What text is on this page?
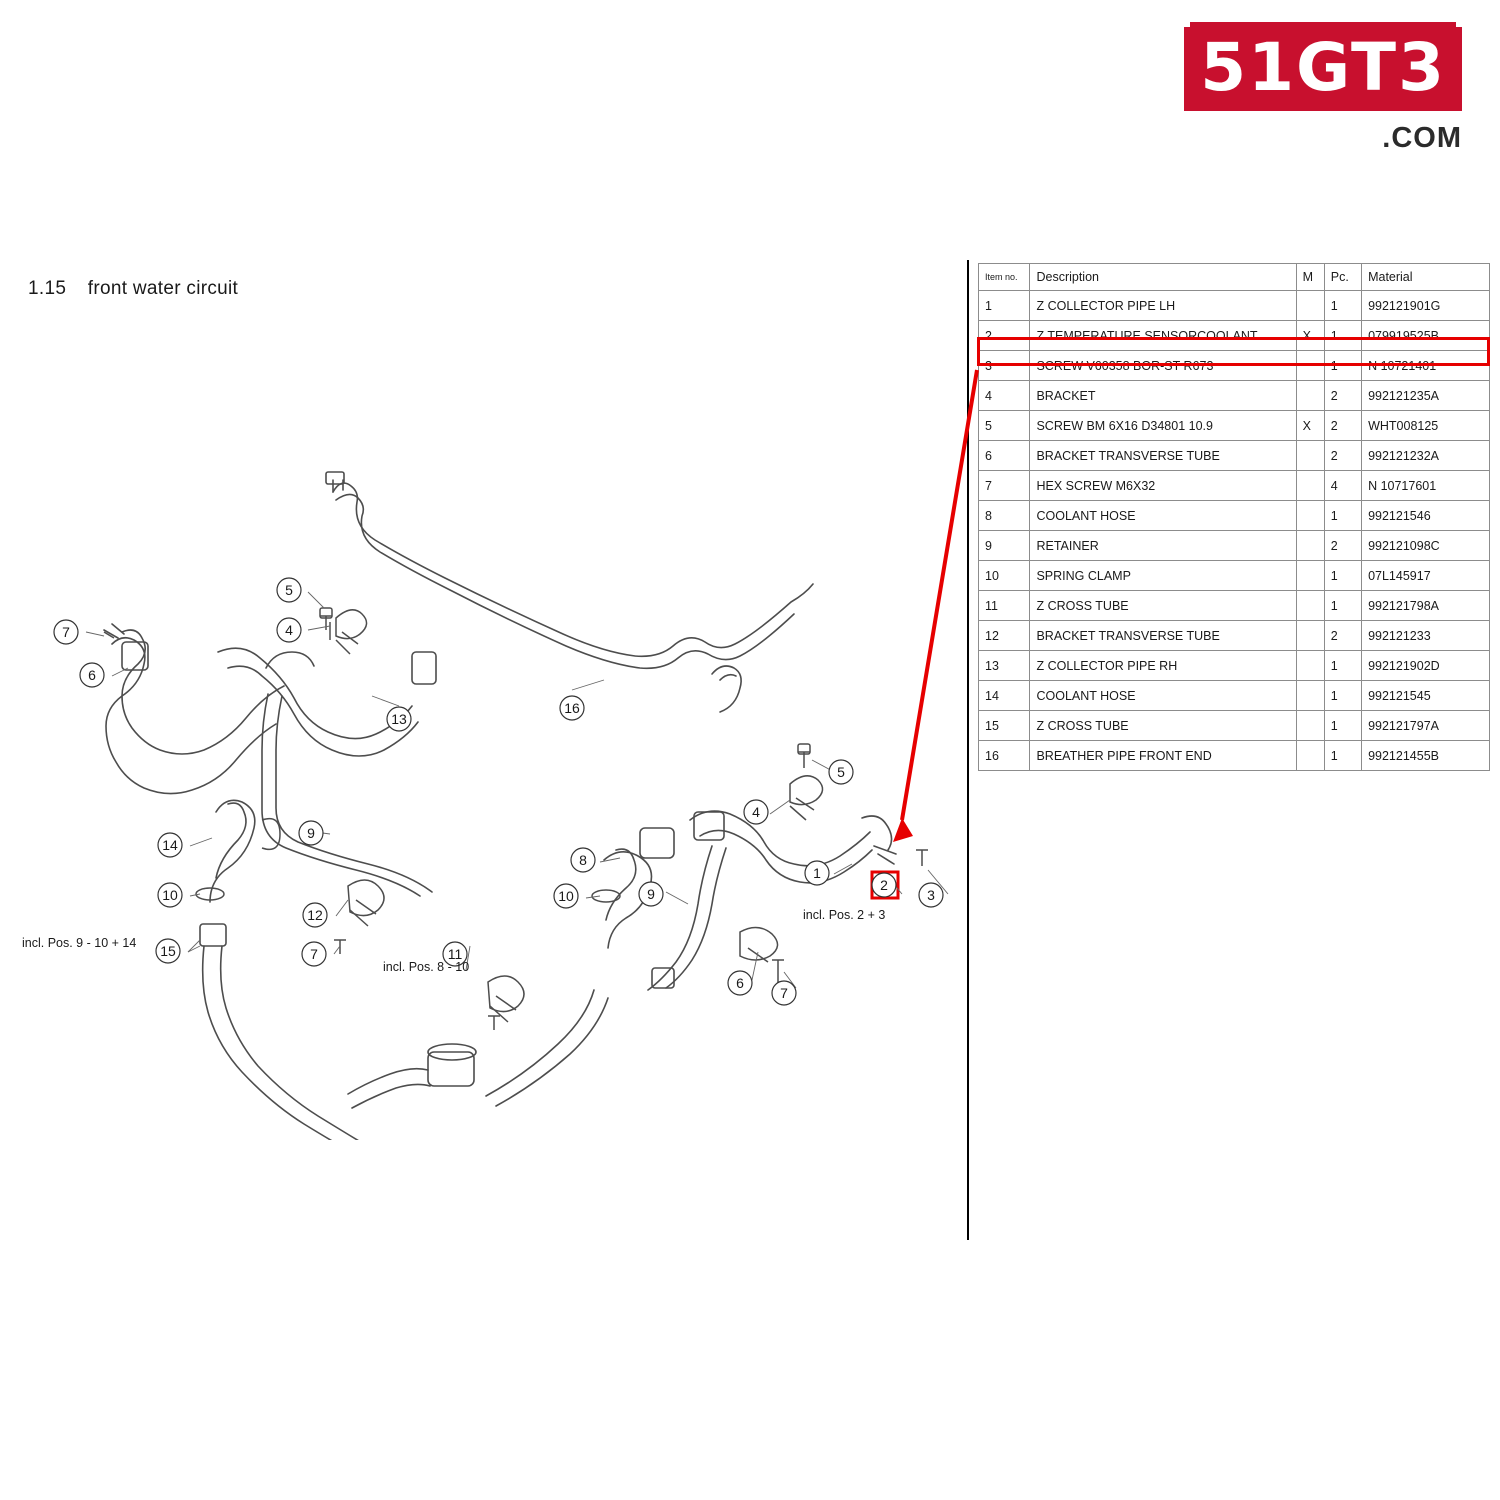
51GT3
.COM
1.15 front water circuit
Item no.	Description	M	Pc.	Material
1	Z COLLECTOR PIPE LH		1	992121901G
2	Z TEMPERATURE SENSORCOOLANT	X	1	079919525B
3	SCREW V60358 BOR-ST R673		1	N 10721401
4	BRACKET		2	992121235A
5	SCREW BM 6X16 D34801 10.9	X	2	WHT008125
6	BRACKET TRANSVERSE TUBE		2	992121232A
7	HEX SCREW M6X32		4	N 10717601
8	COOLANT HOSE		1	992121546
9	RETAINER		2	992121098C
10	SPRING CLAMP		1	07L145917
11	Z CROSS TUBE		1	992121798A
12	BRACKET TRANSVERSE TUBE		2	992121233
13	Z COLLECTOR PIPE RH		1	992121902D
14	COOLANT HOSE		1	992121545
15	Z CROSS TUBE		1	992121797A
16	BREATHER PIPE FRONT END		1	992121455B
7
6
5
4
13
16
14
9
10
12
7
15	11
8
10	9
4
5
1
2
3
6
7
incl. Pos. 2 + 3
incl. Pos. 8 - 10
incl. Pos. 9 - 10 + 14
